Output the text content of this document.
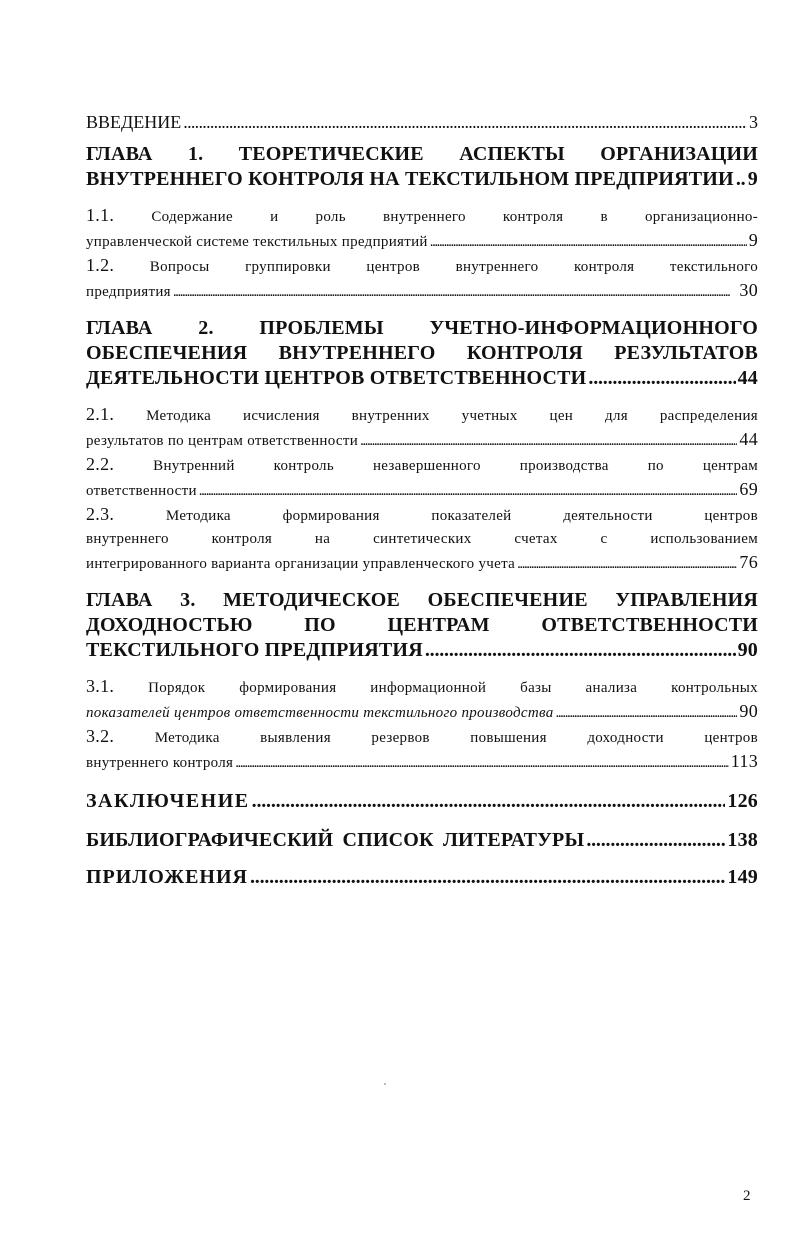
ВВЕДЕНИЕ . . .	3
ГЛАВА 1. ТЕОРЕТИЧЕСКИЕ АСПЕКТЫ ОРГАНИЗАЦИИ
ВНУТРЕННЕГО КОНТРОЛЯ НА ТЕКСТИЛЬНОМ ПРЕДПРИЯТИИ . . . 9
1.1. Содержание и роль внутреннего контроля в организационно-
управленческой системе текстильных предприятий . . .	9
1.2. Вопросы группировки центров внутреннего контроля текстильного
предприятия . . .	30
ГЛАВА 2. ПРОБЛЕМЫ УЧЕТНО-ИНФОРМАЦИОННОГО
ОБЕСПЕЧЕНИЯ ВНУТРЕННЕГО КОНТРОЛЯ РЕЗУЛЬТАТОВ
ДЕЯТЕЛЬНОСТИ ЦЕНТРОВ ОТВЕТСТВЕННОСТИ . . .	44
2.1. Методика исчисления внутренних учетных цен для распределения
результатов по центрам ответственности . . .	44
2.2.	Внутренний	контроль	незавершенного	производства	по	центрам
ответственности . . .	69
2.3.	Методика	формирования	показателей	деятельности	центров
внутреннего	контроля	на	синтетических	счетах	с	использованием
интегрированного варианта организации управленческого учета . . .	76
ГЛАВА 3. МЕТОДИЧЕСКОЕ ОБЕСПЕЧЕНИЕ УПРАВЛЕНИЯ
ДОХОДНОСТЬЮ	ПО	ЦЕНТРАМ	ОТВЕТСТВЕННОСТИ
ТЕКСТИЛЬНОГО ПРЕДПРИЯТИЯ . . .	90
3.1. Порядок формирования информационной базы анализа контрольных
показателей центров ответственности текстильного производства . . .	90
3.2.	Методика	выявления	резервов	повышения	доходности	центров
внутреннего контроля . . .	113
ЗАКЛЮЧЕНИЕ . . .	126
БИБЛИОГРАФИЧЕСКИЙ СПИСОК ЛИТЕРАТУРЫ . . .	138
ПРИЛОЖЕНИЯ . . .	149
2
